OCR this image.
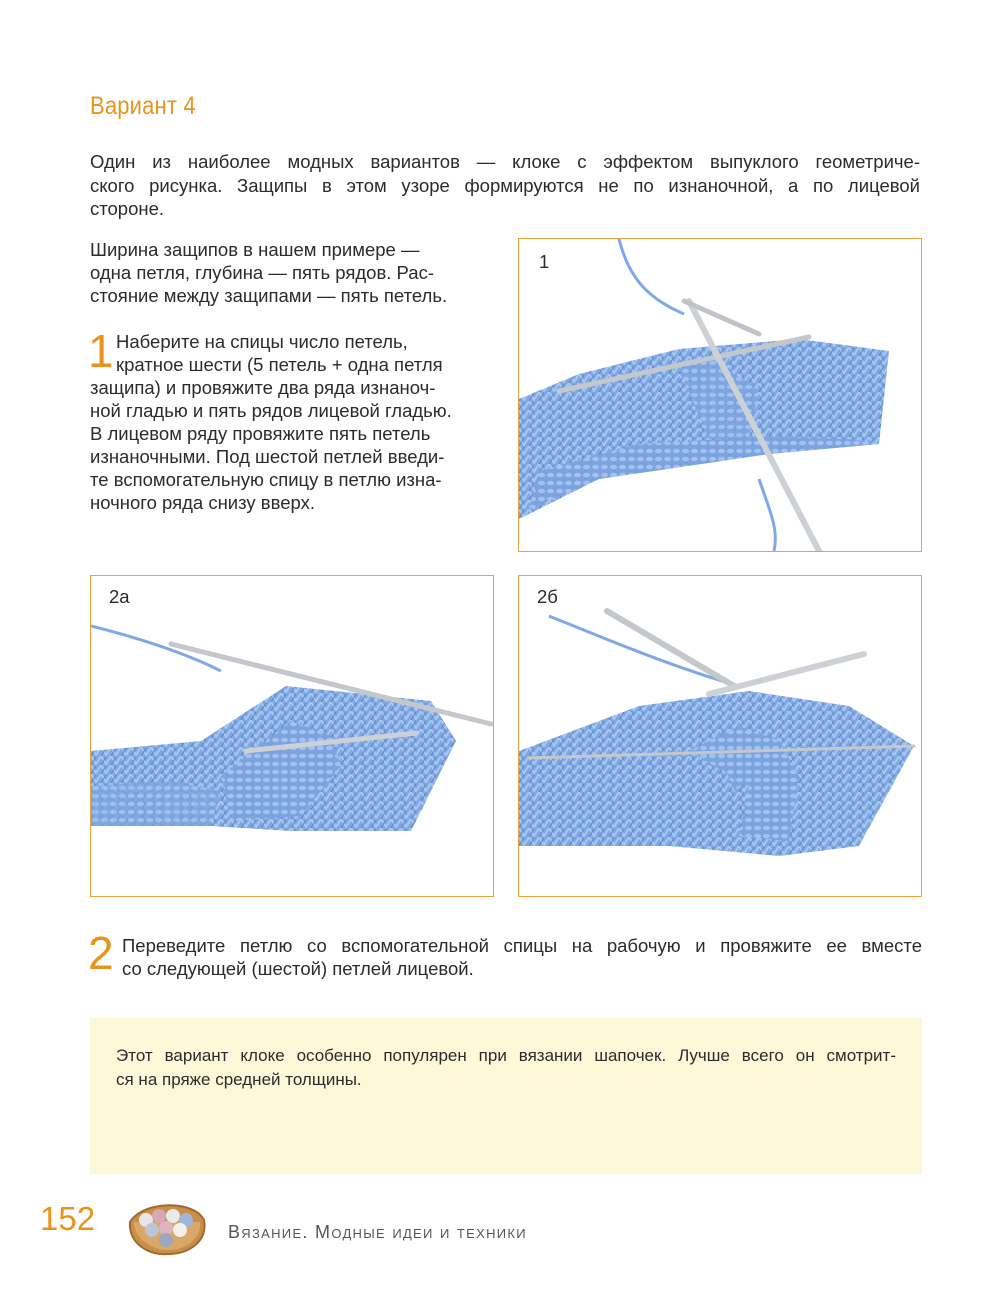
Вариант 4
Один из наиболее модных вариантов — клоке с эффектом выпуклого геометриче-
ского рисунка. Защипы в этом узоре формируются не по изнаночной, а по лицевой
стороне.
Ширина защипов в нашем примере —
одна петля, глубина — пять рядов. Рас-
стояние между защипами — пять петель.
1 Наберите на спицы число петель,
кратное шести (5 петель + одна петля
защипа) и провяжите два ряда изнаноч-
ной гладью и пять рядов лицевой гладью.
В лицевом ряду провяжите пять петель
изнаночными. Под шестой петлей введи-
те вспомогательную спицу в петлю изна-
ночного ряда снизу вверх.
1
2а	2б
2 Переведите петлю со вспомогательной спицы на рабочую и провяжите ее вместе
со следующей (шестой) петлей лицевой.
Этот вариант клоке особенно популярен при вязании шапочек. Лучше всего он смотрит-
ся на пряже средней толщины.
152	Вязание. Модные идеи и техники
